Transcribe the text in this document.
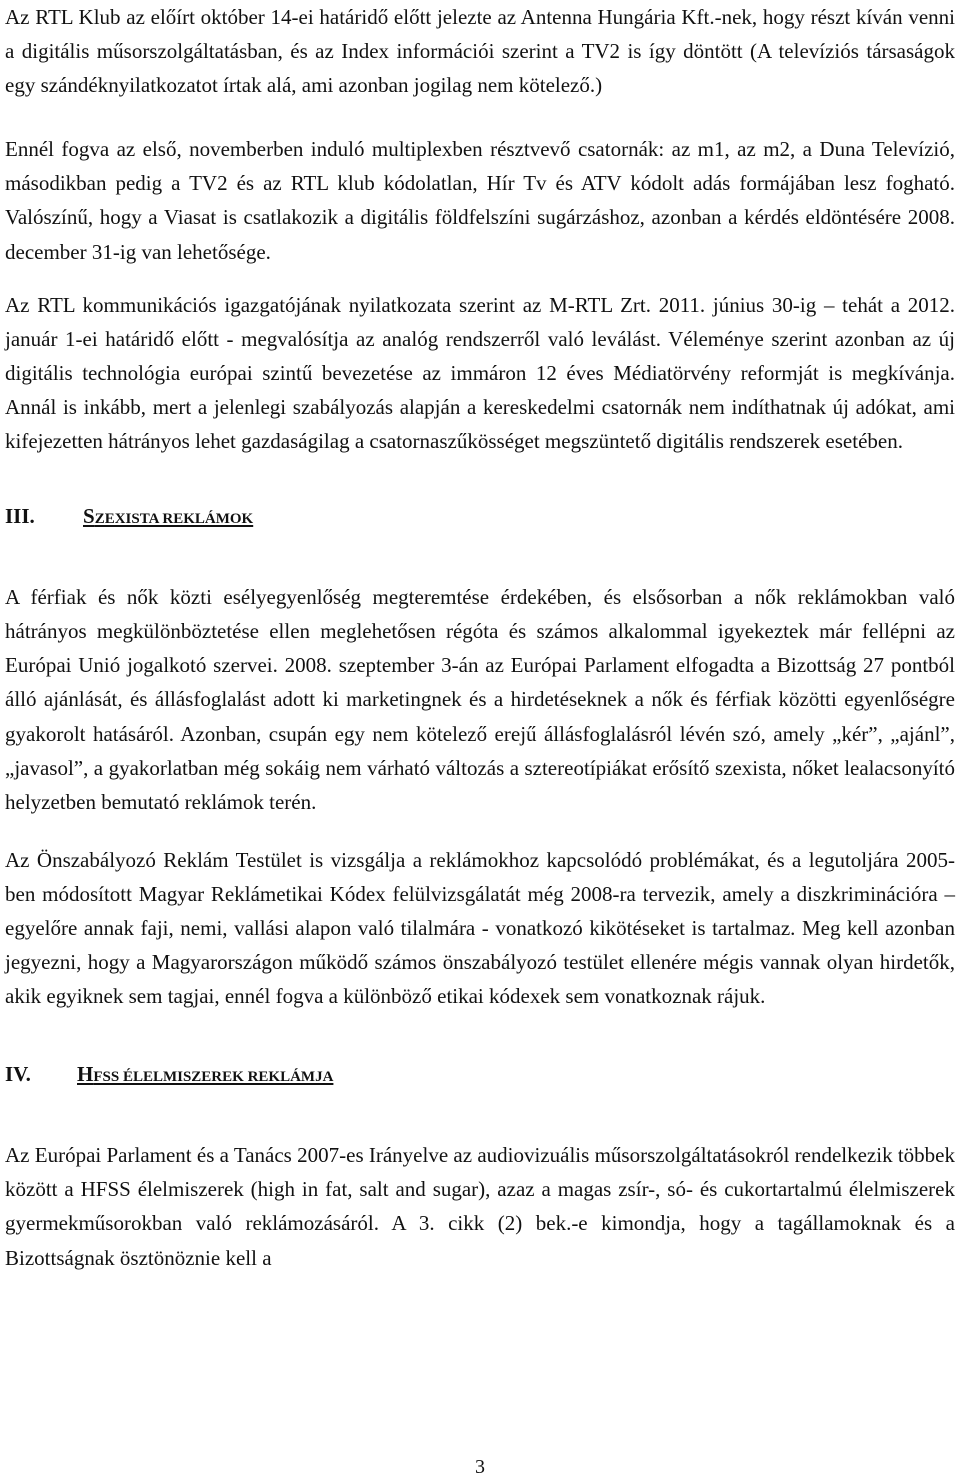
Az RTL Klub az előírt október 14-ei határidő előtt jelezte az Antenna Hungária Kft.-nek, hogy részt kíván venni a digitális műsorszolgáltatásban, és az Index információi szerint a TV2 is így döntött (A televíziós társaságok egy szándéknyilatkozatot írtak alá, ami azonban jogilag nem kötelező.)

Ennél fogva az első, novemberben induló multiplexben résztvevő csatornák: az m1, az m2, a Duna Televízió, másodikban pedig a TV2 és az RTL klub kódolatlan, Hír Tv és ATV kódolt adás formájában lesz fogható. Valószínű, hogy a Viasat is csatlakozik a digitális földfelszíni sugárzáshoz, azonban a kérdés eldöntésére 2008. december 31-ig van lehetősége.

Az RTL kommunikációs igazgatójának nyilatkozata szerint az M-RTL Zrt. 2011. június 30-ig – tehát a 2012. január 1-ei határidő előtt - megvalósítja az analóg rendszerről való leválást. Véleménye szerint azonban az új digitális technológia európai szintű bevezetése az immáron 12 éves Médiatörvény reformját is megkívánja. Annál is inkább, mert a jelenlegi szabályozás alapján a kereskedelmi csatornák nem indíthatnak új adókat, ami kifejezetten hátrányos lehet gazdaságilag a csatornaszűkösséget megszüntető digitális rendszerek esetében.

III.	SZEXISTA REKLÁMOK

A férfiak és nők közti esélyegyenlőség megteremtése érdekében, és elsősorban a nők reklámokban való hátrányos megkülönböztetése ellen meglehetősen régóta és számos alkalommal igyekeztek már fellépni az Európai Unió jogalkotó szervei. 2008. szeptember 3-án az Európai Parlament elfogadta a Bizottság 27 pontból álló ajánlását, és állásfoglalást adott ki marketingnek és a hirdetéseknek a nők és férfiak közötti egyenlőségre gyakorolt hatásáról. Azonban, csupán egy nem kötelező erejű állásfoglalásról lévén szó, amely „kér”, „ajánl”, „javasol”, a gyakorlatban még sokáig nem várható változás a sztereotípiákat erősítő szexista, nőket lealacsonyító helyzetben bemutató reklámok terén.

Az Önszabályozó Reklám Testület is vizsgálja a reklámokhoz kapcsolódó problémákat, és a legutoljára 2005-ben módosított Magyar Reklámetikai Kódex felülvizsgálatát még 2008-ra tervezik, amely a diszkriminációra – egyelőre annak faji, nemi, vallási alapon való tilalmára - vonatkozó kikötéseket is tartalmaz. Meg kell azonban jegyezni, hogy a Magyarországon működő számos önszabályozó testület ellenére mégis vannak olyan hirdetők, akik egyiknek sem tagjai, ennél fogva a különböző etikai kódexek sem vonatkoznak rájuk.

IV.	HFSS ÉLELMISZEREK REKLÁMJA

Az Európai Parlament és a Tanács 2007-es Irányelve az audiovizuális műsorszolgáltatásokról rendelkezik többek között a HFSS élelmiszerek (high in fat, salt and sugar), azaz a magas zsír-, só- és cukortartalmú élelmiszerek gyermekműsorokban való reklámozásáról. A 3. cikk (2) bek.-e kimondja, hogy a tagállamoknak és a Bizottságnak ösztönöznie kell a

3
